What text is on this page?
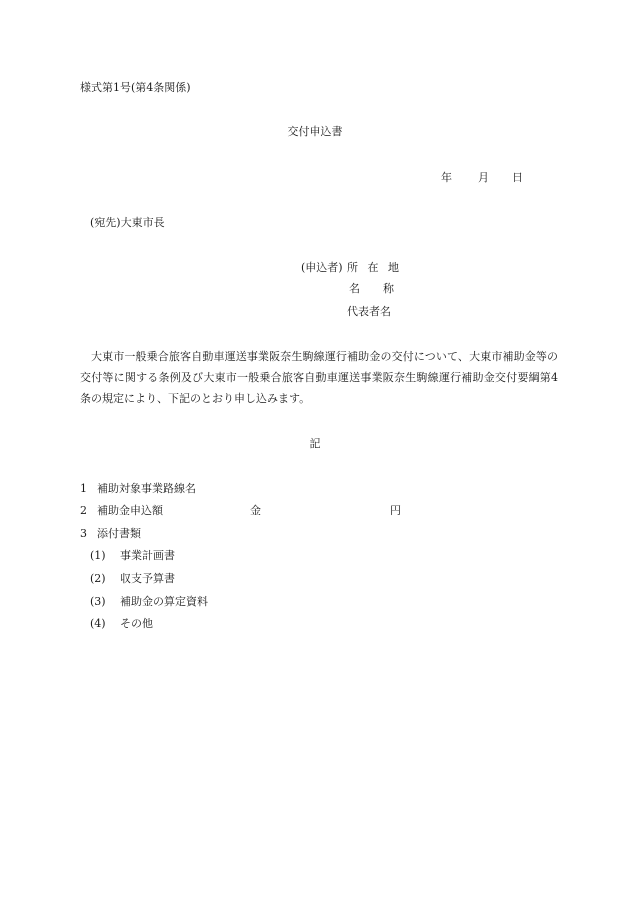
様式第1号(第4条関係)
交付申込書
年 月 日
(宛先)大東市長
(申込者) 所 在 地
名 称
代表者名
大東市一般乗合旅客自動車運送事業阪奈生駒線運行補助金の交付について、大東市補助金等の交付等に関する条例及び大東市一般乗合旅客自動車運送事業阪奈生駒線運行補助金交付要綱第4条の規定により、下記のとおり申し込みます。
記
1 補助対象事業路線名
2 補助金申込額	金	円
3 添付書類
(1) 事業計画書
(2) 収支予算書
(3) 補助金の算定資料
(4) その他
